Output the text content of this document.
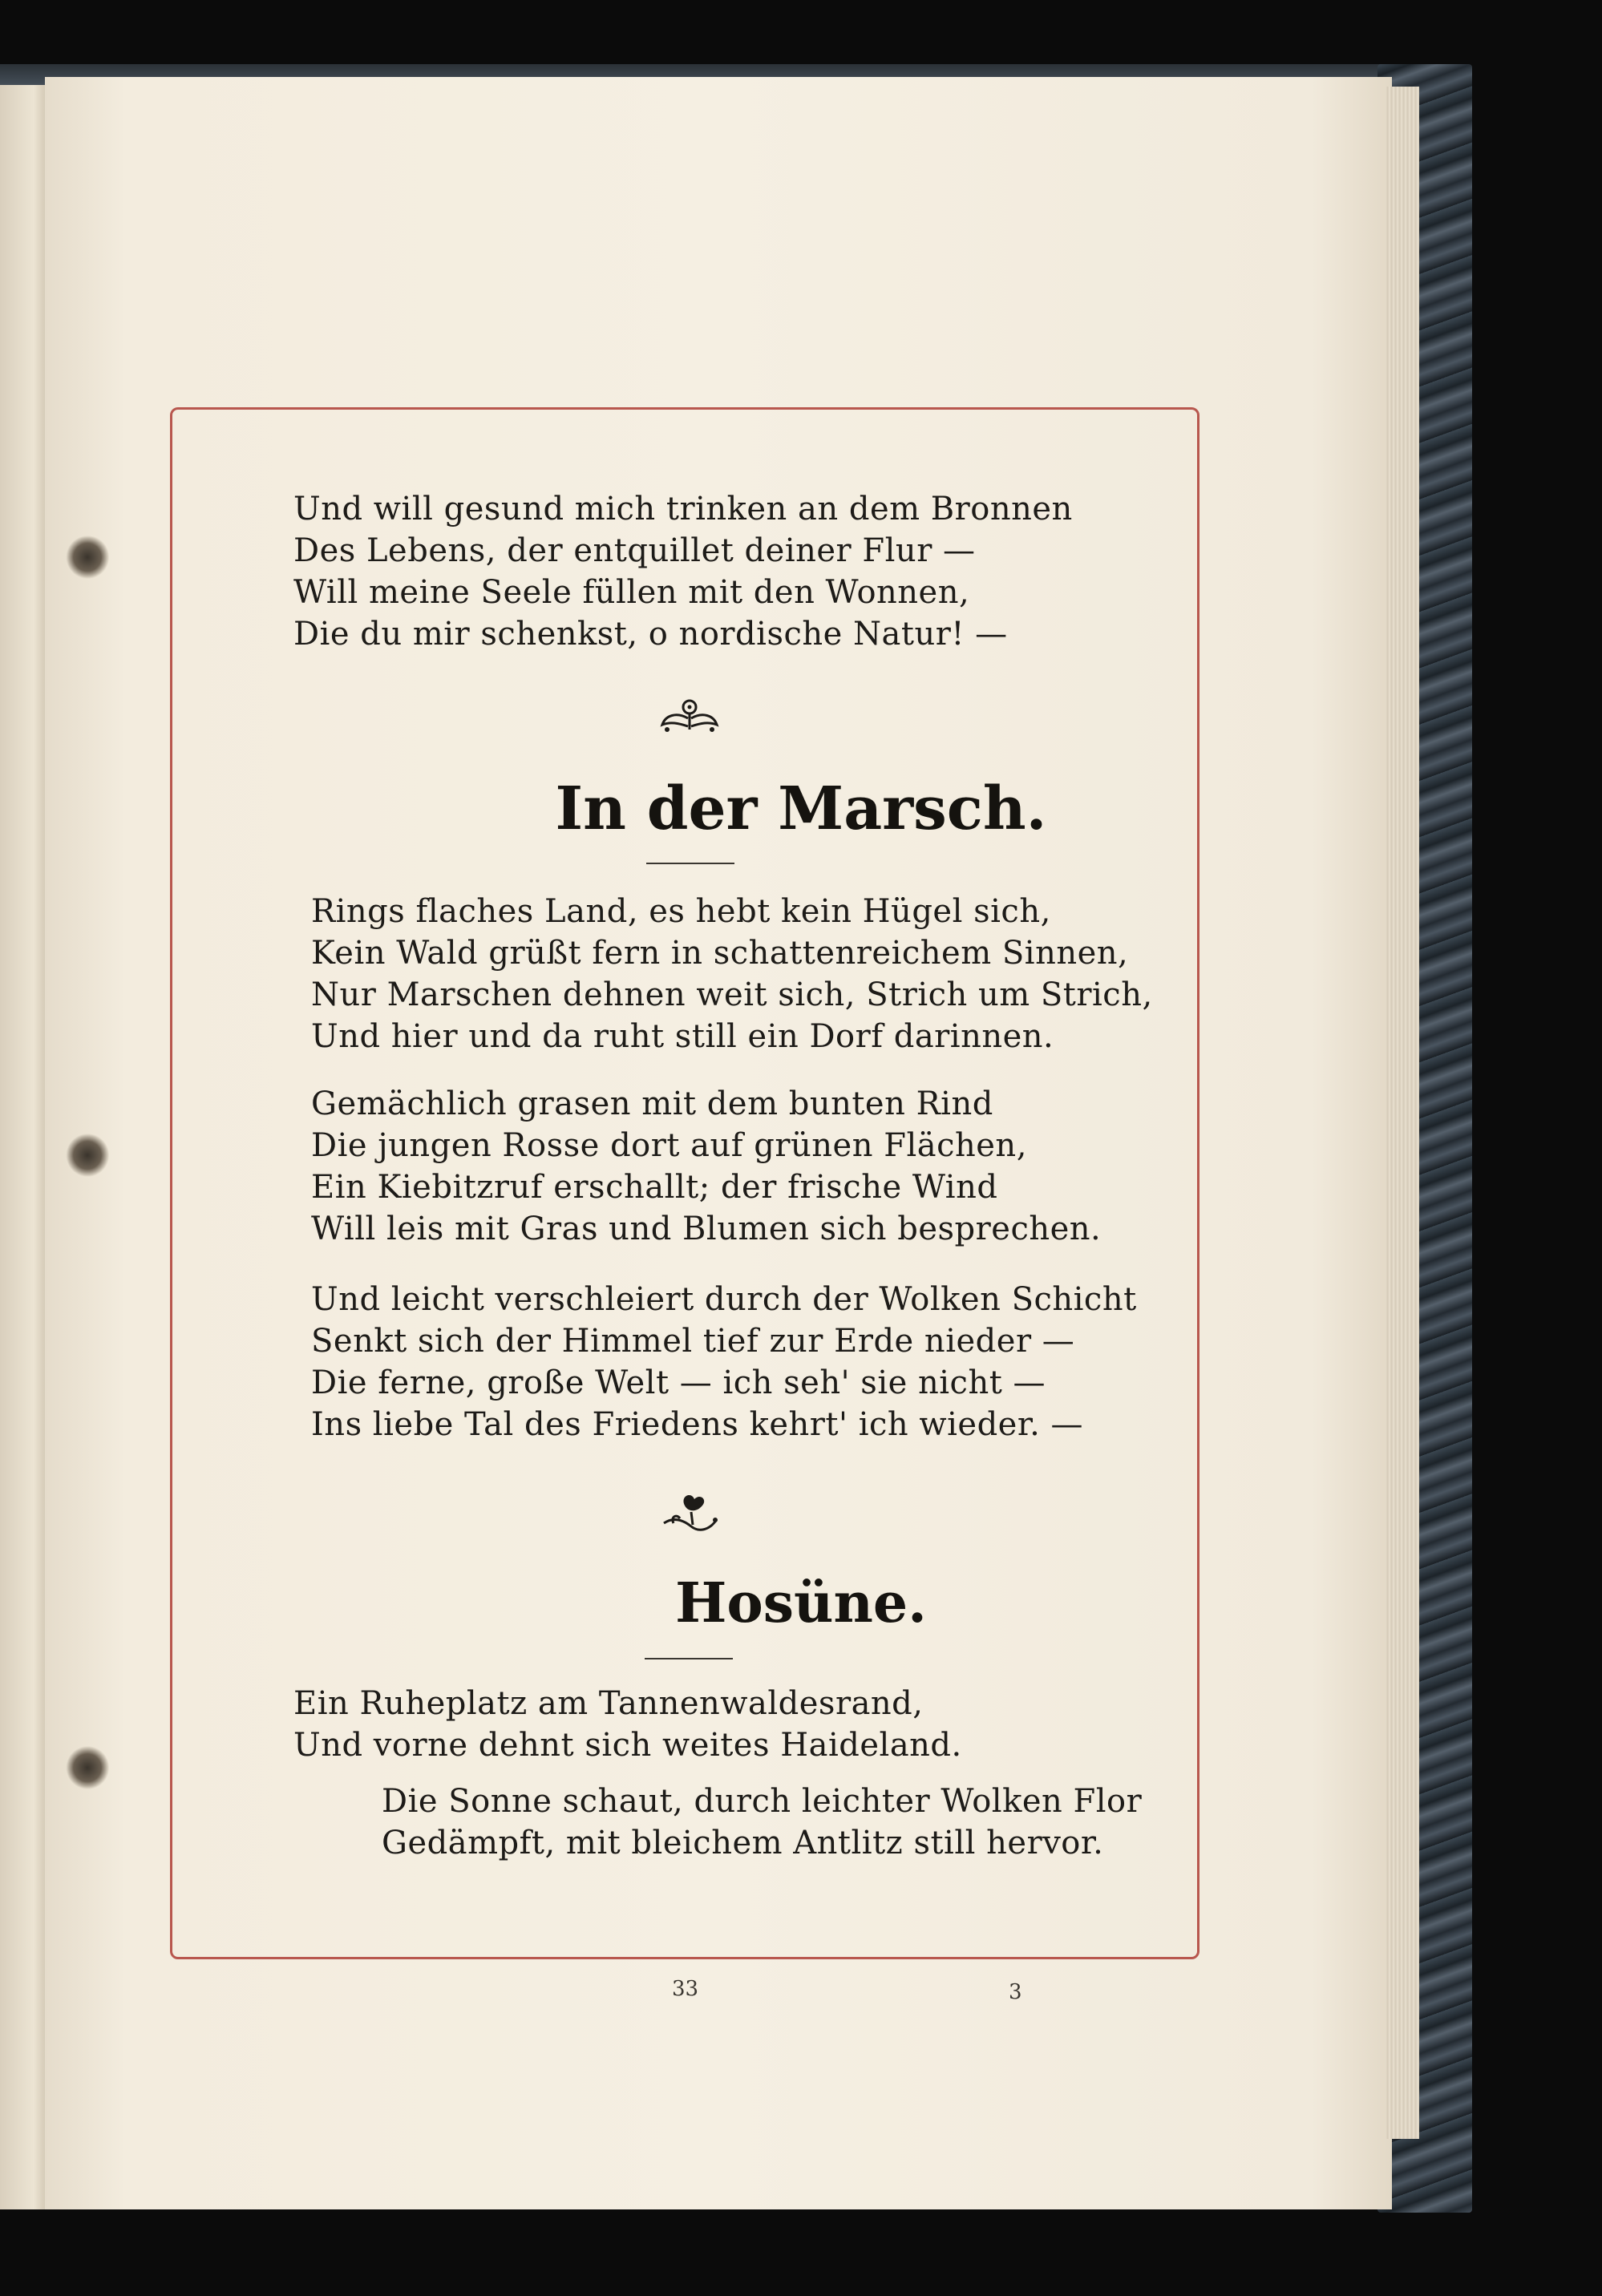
Und will gesund mich trinken an dem Bronnen
Des Lebens, der entquillet deiner Flur —
Will meine Seele füllen mit den Wonnen,
Die du mir schenkst, o nordische Natur! —
In der Marsch.
Rings flaches Land, es hebt kein Hügel sich,
Kein Wald grüßt fern in schattenreichem Sinnen,
Nur Marschen dehnen weit sich, Strich um Strich,
Und hier und da ruht still ein Dorf darinnen.
Gemächlich grasen mit dem bunten Rind
Die jungen Rosse dort auf grünen Flächen,
Ein Kiebitzruf erschallt; der frische Wind
Will leis mit Gras und Blumen sich besprechen.
Und leicht verschleiert durch der Wolken Schicht
Senkt sich der Himmel tief zur Erde nieder —
Die ferne, große Welt — ich seh' sie nicht —
Ins liebe Tal des Friedens kehrt' ich wieder. —
Hosüne.
Ein Ruheplatz am Tannenwaldesrand,
Und vorne dehnt sich weites Haideland.
Die Sonne schaut, durch leichter Wolken Flor
Gedämpft, mit bleichem Antlitz still hervor.
33	3
